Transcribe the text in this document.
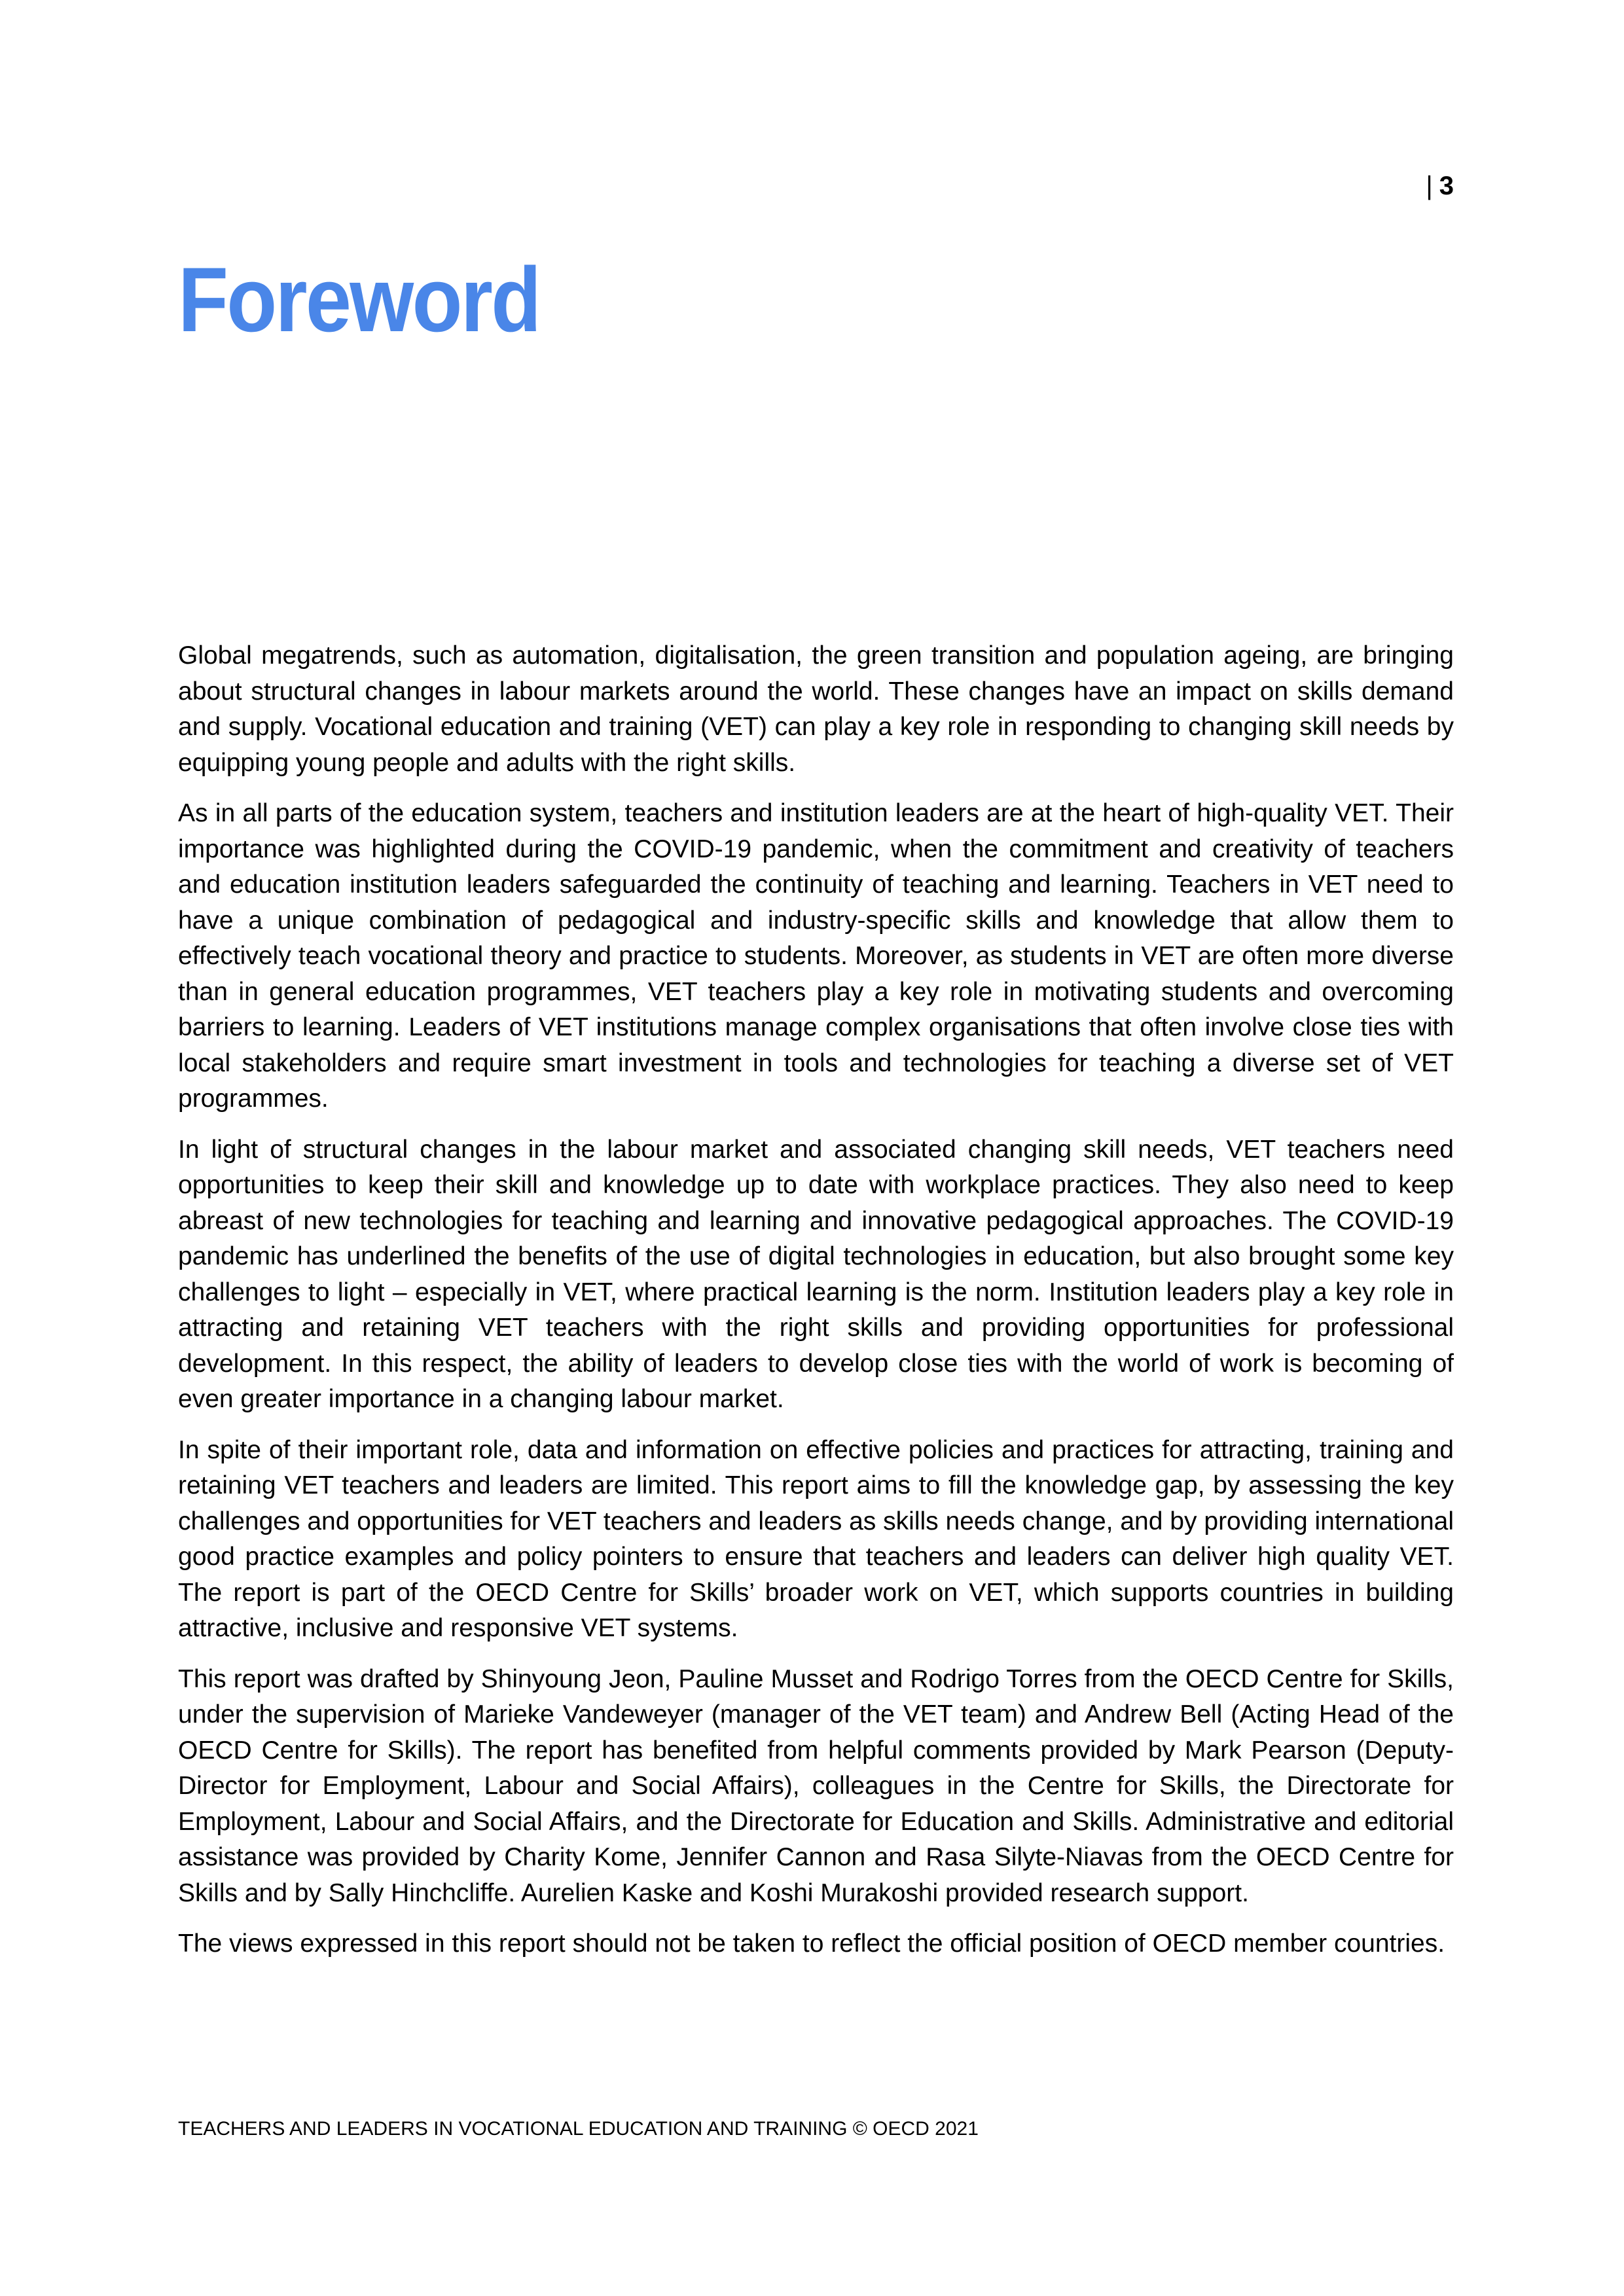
| 3
Foreword

Global megatrends, such as automation, digitalisation, the green transition and population ageing, are bringing about structural changes in labour markets around the world. These changes have an impact on skills demand and supply. Vocational education and training (VET) can play a key role in responding to changing skill needs by equipping young people and adults with the right skills.

As in all parts of the education system, teachers and institution leaders are at the heart of high-quality VET. Their importance was highlighted during the COVID-19 pandemic, when the commitment and creativity of teachers and education institution leaders safeguarded the continuity of teaching and learning. Teachers in VET need to have a unique combination of pedagogical and industry-specific skills and knowledge that allow them to effectively teach vocational theory and practice to students. Moreover, as students in VET are often more diverse than in general education programmes, VET teachers play a key role in motivating students and overcoming barriers to learning. Leaders of VET institutions manage complex organisations that often involve close ties with local stakeholders and require smart investment in tools and technologies for teaching a diverse set of VET programmes.

In light of structural changes in the labour market and associated changing skill needs, VET teachers need opportunities to keep their skill and knowledge up to date with workplace practices. They also need to keep abreast of new technologies for teaching and learning and innovative pedagogical approaches. The COVID-19 pandemic has underlined the benefits of the use of digital technologies in education, but also brought some key challenges to light – especially in VET, where practical learning is the norm. Institution leaders play a key role in attracting and retaining VET teachers with the right skills and providing opportunities for professional development. In this respect, the ability of leaders to develop close ties with the world of work is becoming of even greater importance in a changing labour market.

In spite of their important role, data and information on effective policies and practices for attracting, training and retaining VET teachers and leaders are limited. This report aims to fill the knowledge gap, by assessing the key challenges and opportunities for VET teachers and leaders as skills needs change, and by providing international good practice examples and policy pointers to ensure that teachers and leaders can deliver high quality VET. The report is part of the OECD Centre for Skills’ broader work on VET, which supports countries in building attractive, inclusive and responsive VET systems.

This report was drafted by Shinyoung Jeon, Pauline Musset and Rodrigo Torres from the OECD Centre for Skills, under the supervision of Marieke Vandeweyer (manager of the VET team) and Andrew Bell (Acting Head of the OECD Centre for Skills). The report has benefited from helpful comments provided by Mark Pearson (Deputy-Director for Employment, Labour and Social Affairs), colleagues in the Centre for Skills, the Directorate for Employment, Labour and Social Affairs, and the Directorate for Education and Skills. Administrative and editorial assistance was provided by Charity Kome, Jennifer Cannon and Rasa Silyte-Niavas from the OECD Centre for Skills and by Sally Hinchcliffe. Aurelien Kaske and Koshi Murakoshi provided research support.

The views expressed in this report should not be taken to reflect the official position of OECD member countries.

TEACHERS AND LEADERS IN VOCATIONAL EDUCATION AND TRAINING © OECD 2021
